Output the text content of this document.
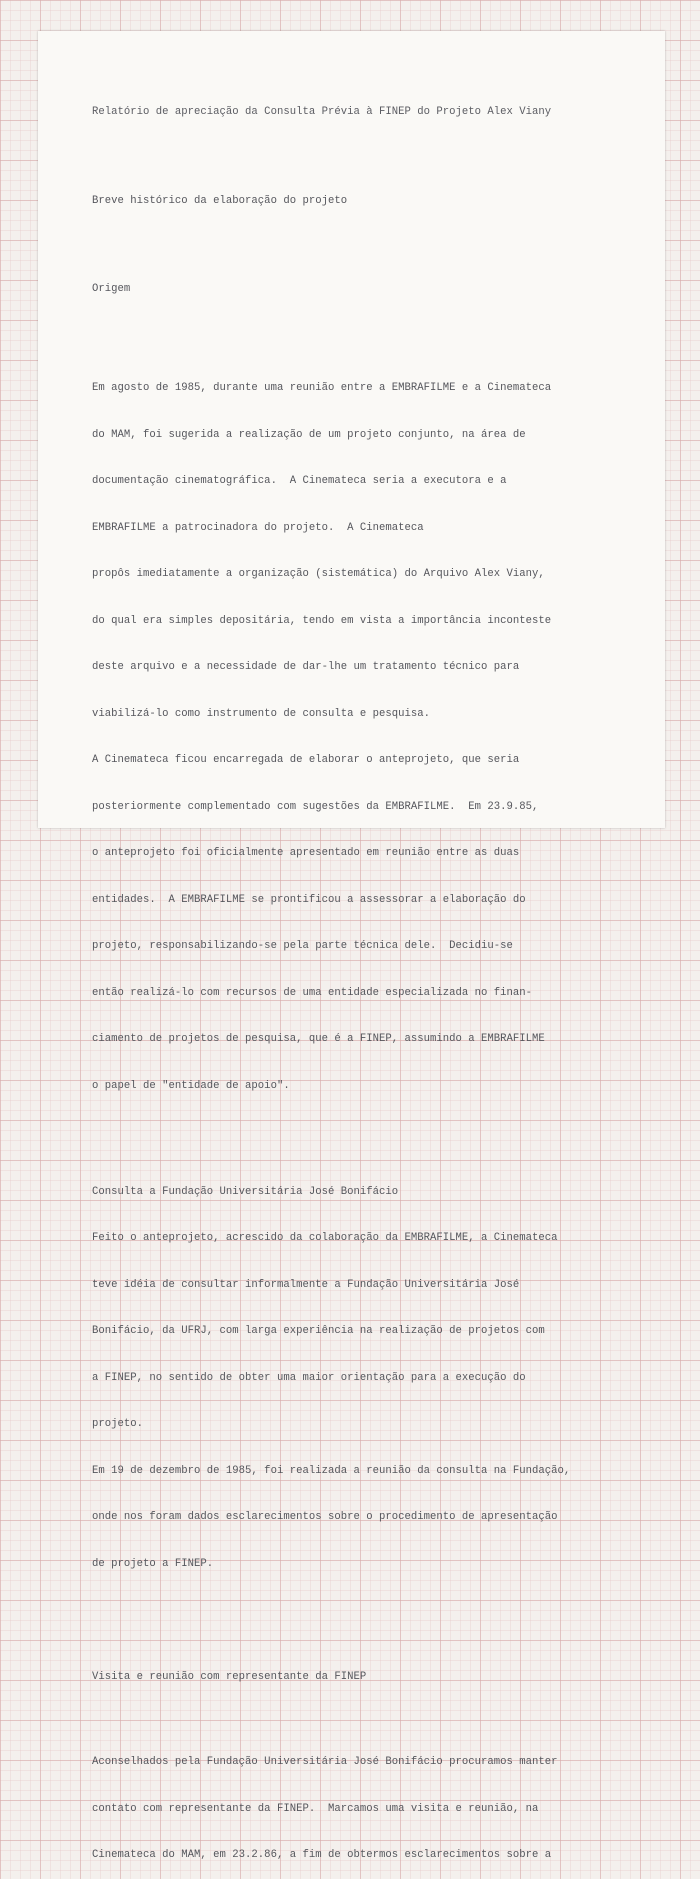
Relatório de apreciação da Consulta Prévia à FINEP do Projeto Alex Viany

Breve histórico da elaboração do projeto

Origem

Em agosto de 1985, durante uma reunião entre a EMBRAFILME e a Cinemateca

do MAM, foi sugerida a realização de um projeto conjunto, na área de

documentação cinematográfica.  A Cinemateca seria a executora e a

EMBRAFILME a patrocinadora do projeto.  A Cinemateca

propôs imediatamente a organização (sistemática) do Arquivo Alex Viany,

do qual era simples depositária, tendo em vista a importância inconteste

deste arquivo e a necessidade de dar-lhe um tratamento técnico para

viabilizá-lo como instrumento de consulta e pesquisa.

A Cinemateca ficou encarregada de elaborar o anteprojeto, que seria

posteriormente complementado com sugestões da EMBRAFILME.  Em 23.9.85,

o anteprojeto foi oficialmente apresentado em reunião entre as duas

entidades.  A EMBRAFILME se prontificou a assessorar a elaboração do

projeto, responsabilizando-se pela parte técnica dele.  Decidiu-se

então realizá-lo com recursos de uma entidade especializada no finan-

ciamento de projetos de pesquisa, que é a FINEP, assumindo a EMBRAFILME

o papel de "entidade de apoio".

Consulta a Fundação Universitária José Bonifácio

Feito o anteprojeto, acrescido da colaboração da EMBRAFILME, a Cinemateca

teve idéia de consultar informalmente a Fundação Universitária José

Bonifácio, da UFRJ, com larga experiência na realização de projetos com

a FINEP, no sentido de obter uma maior orientação para a execução do

projeto.

Em 19 de dezembro de 1985, foi realizada a reunião da consulta na Fundação,

onde nos foram dados esclarecimentos sobre o procedimento de apresentação

de projeto a FINEP.

Visita e reunião com representante da FINEP

Aconselhados pela Fundação Universitária José Bonifácio procuramos manter

contato com representante da FINEP.  Marcamos uma visita e reunião, na

Cinemateca do MAM, em 23.2.86, a fim de obtermos esclarecimentos sobre a
